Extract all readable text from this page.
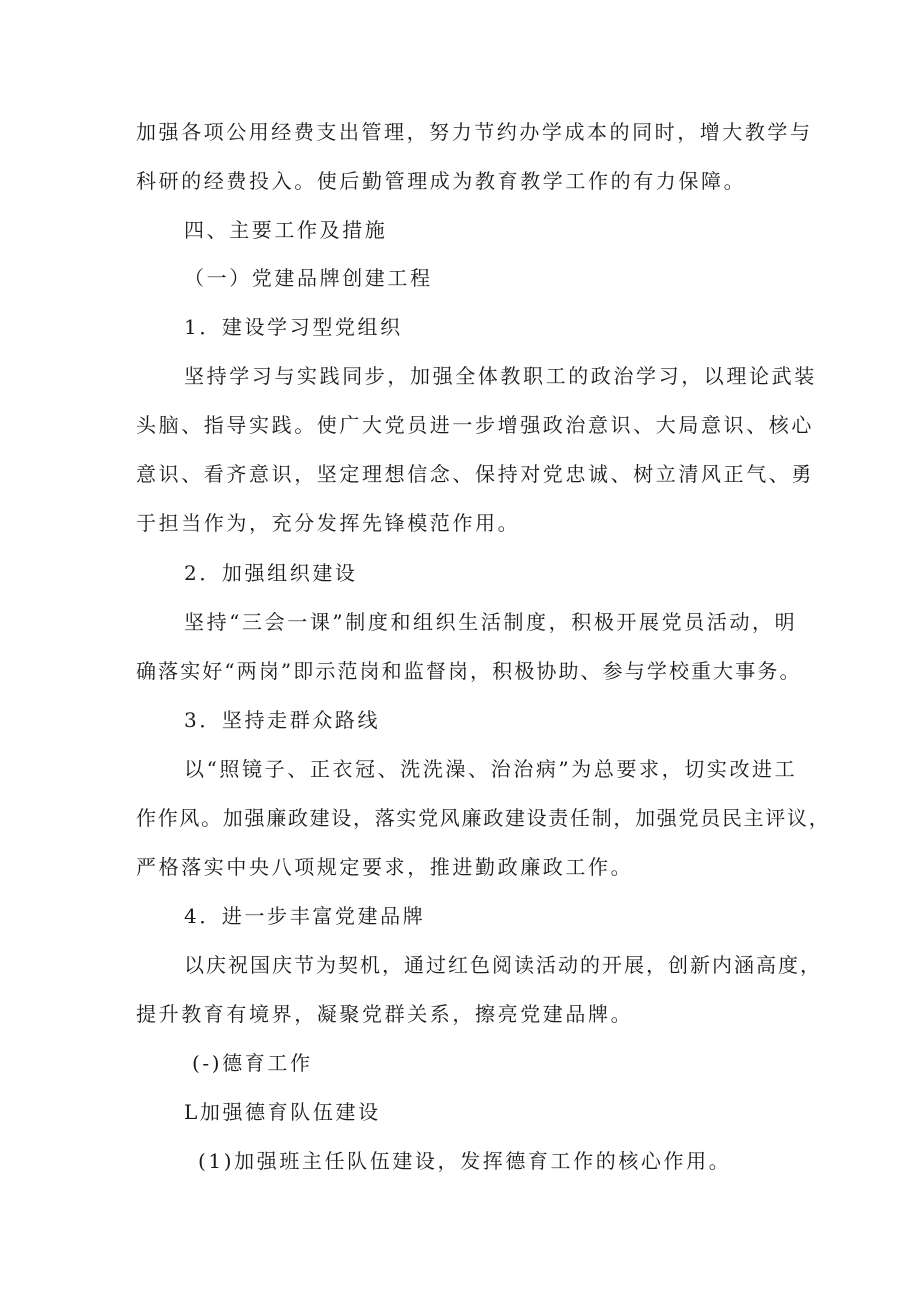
加强各项公用经费支出管理，努力节约办学成本的同时，增大教学与
科研的经费投入。使后勤管理成为教育教学工作的有力保障。
四、主要工作及措施
（一）党建品牌创建工程
1．建设学习型党组织
坚持学习与实践同步，加强全体教职工的政治学习，以理论武装
头脑、指导实践。使广大党员进一步增强政治意识、大局意识、核心
意识、看齐意识，坚定理想信念、保持对党忠诚、树立清风正气、勇
于担当作为，充分发挥先锋模范作用。
2．加强组织建设
坚持“三会一课”制度和组织生活制度，积极开展党员活动，明
确落实好“两岗”即示范岗和监督岗，积极协助、参与学校重大事务。
3．坚持走群众路线
以“照镜子、正衣冠、洗洗澡、治治病”为总要求，切实改进工
作作风。加强廉政建设，落实党风廉政建设责任制，加强党员民主评议，
严格落实中央八项规定要求，推进勤政廉政工作。
4．进一步丰富党建品牌
以庆祝国庆节为契机，通过红色阅读活动的开展，创新内涵高度，
提升教育有境界，凝聚党群关系，擦亮党建品牌。
(-)德育工作
L加强德育队伍建设
(1)加强班主任队伍建设，发挥德育工作的核心作用。
